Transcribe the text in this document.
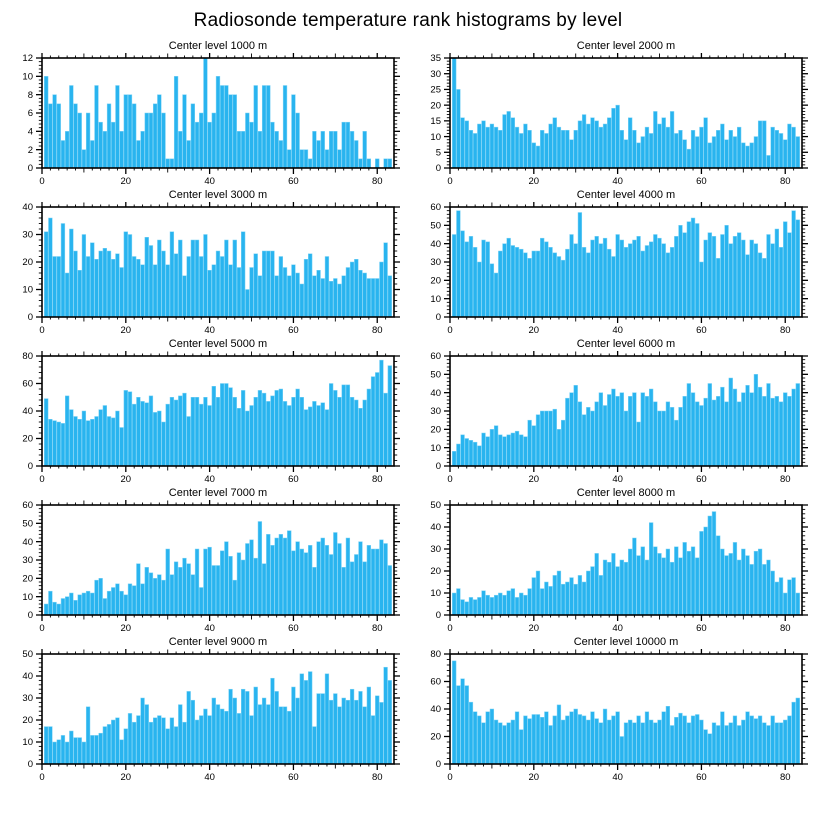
Radiosonde temperature rank histograms by level
Center level 1000 m
0
2
4
6
8
10
12
0	20	40	60	80
Center level 2000 m
0
5
10
15
20
25
30
35
0	20	40	60	80
Center level 3000 m
0
10
20
30
40
0	20	40	60	80
Center level 4000 m
0
10
20
30
40
50
60
0	20	40	60	80
Center level 5000 m
0
20
40
60
80
0	20	40	60	80
Center level 6000 m
0
10
20
30
40
50
60
0	20	40	60	80
Center level 7000 m
0
10
20
30
40
50
60
0	20	40	60	80
Center level 8000 m
0
10
20
30
40
50
0	20	40	60	80
Center level 9000 m
0
10
20
30
40
50
0	20	40	60	80
Center level 10000 m
0
20
40
60
80
0	20	40	60	80
